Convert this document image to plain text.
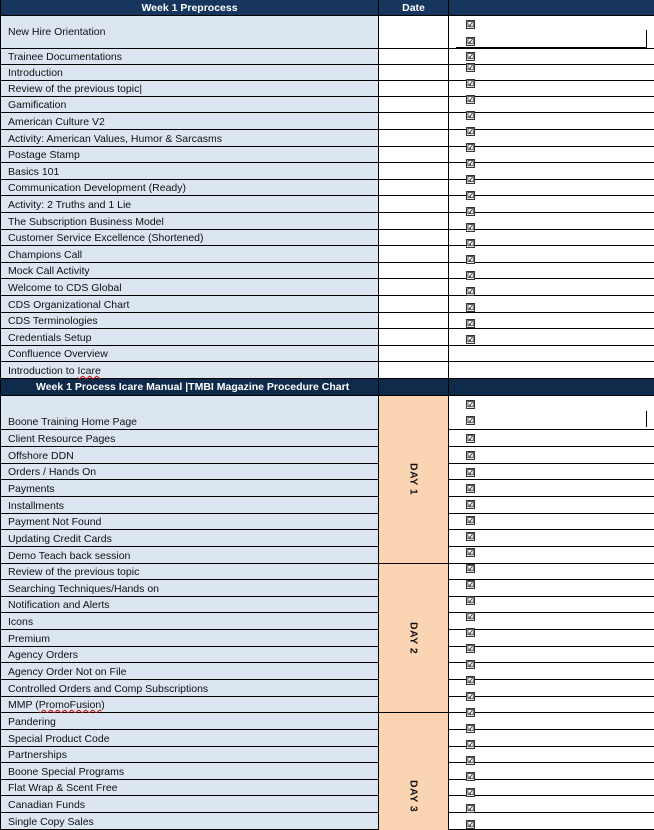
Week 1 Preprocess	Date
New Hire Orientation
Trainee Documentations
Introduction
Review of the previous topic|
Gamification
American Culture V2
Activity: American Values, Humor & Sarcasms
Postage Stamp
Basics 101
Communication Development (Ready)
Activity: 2 Truths and 1 Lie
The Subscription Business Model
Customer Service Excellence (Shortened)
Champions Call
Mock Call Activity
Welcome to CDS Global
CDS Organizational Chart
CDS Terminologies
Credentials Setup
Confluence Overview
Introduction to Icare
Week 1 Process Icare Manual |TMBI Magazine Procedure Chart
Boone Training Home Page
Client Resource Pages
Offshore DDN
Orders / Hands On
Payments
Installments
Payment Not Found
Updating Credit Cards
Demo Teach back session
Review of the previous topic
Searching Techniques/Hands on
Notification and Alerts
Icons
Premium
Agency Orders
Agency Order Not on File
Controlled Orders and Comp Subscriptions
MMP (PromoFusion)
Pandering
Special Product Code
Partnerships
Boone Special Programs
Flat Wrap & Scent Free
Canadian Funds
Single Copy Sales
DAY 1
DAY 2
DAY 3
☑
☑
☑
☑
☑
☑
☑
☑
☑
☑
☑
☑
☑
☑
☑
☑
☑
☑
☑
☑
☑
☑
☑
☑
☑
☑
☑
☑
☑
☑
☑
☑
☑
☑
☑
☑
☑
☑
☑
☑
☑
☑
☑
☑
☑
☑
☑
☑
